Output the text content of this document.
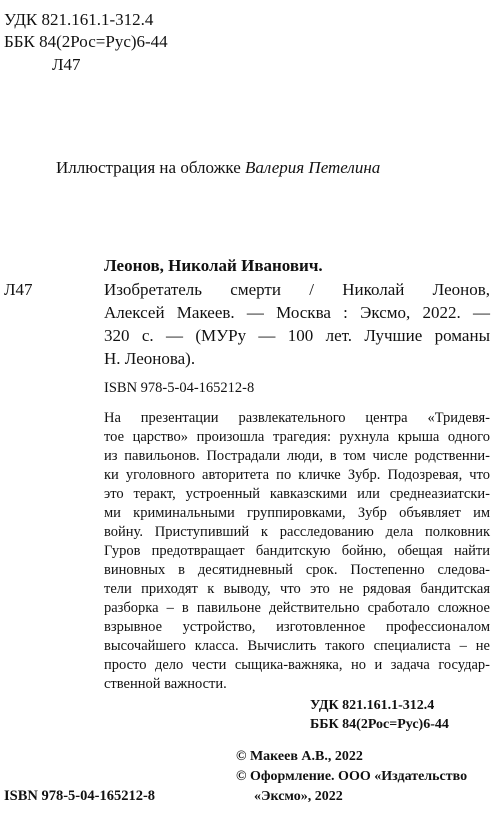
УДК 821.161.1-312.4
ББК 84(2Рос=Рус)6-44
Л47
Иллюстрация на обложке Валерия Петелина
Леонов, Николай Иванович.
Л47	Изобретатель смерти / Николай Леонов,
Алексей Макеев. — Москва : Эксмо, 2022. —
320 с. — (МУРу — 100 лет. Лучшие романы
Н. Леонова).
ISBN 978-5-04-165212-8
На презентации развлекательного центра «Тридевя-
тое царство» произошла трагедия: рухнула крыша одного
из павильонов. Пострадали люди, в том числе родственни-
ки уголовного авторитета по кличке Зубр. Подозревая, что
это теракт, устроенный кавказскими или среднеазиатски-
ми криминальными группировками, Зубр объявляет им
войну. Приступивший к расследованию дела полковник
Гуров предотвращает бандитскую бойню, обещая найти
виновных в десятидневный срок. Постепенно следова-
тели приходят к выводу, что это не рядовая бандитская
разборка – в павильоне действительно сработало сложное
взрывное устройство, изготовленное профессионалом
высочайшего класса. Вычислить такого специалиста – не
просто дело чести сыщика-важняка, но и задача государ-
ственной важности.
УДК 821.161.1-312.4
ББК 84(2Рос=Рус)6-44
ISBN 978-5-04-165212-8
© Макеев А.В., 2022
© Оформление. ООО «Издательство
«Эксмо», 2022
